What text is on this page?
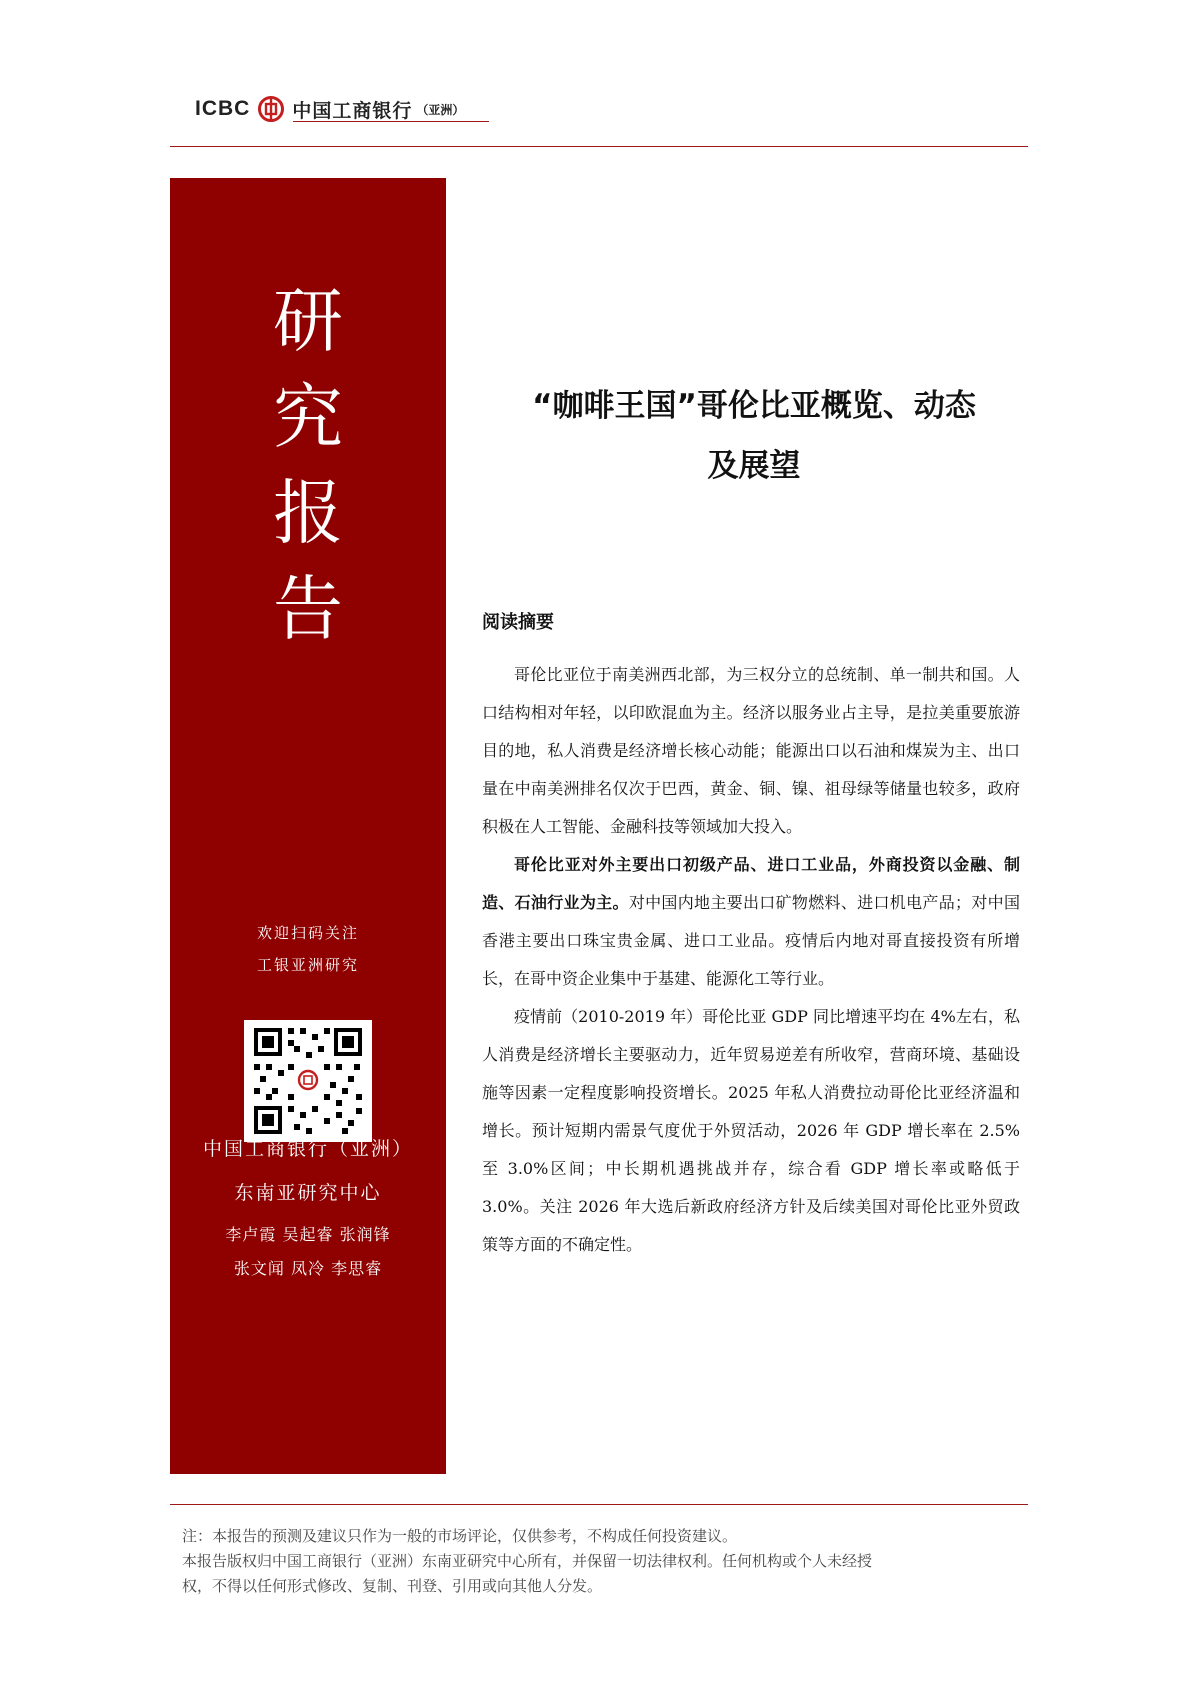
ICBC 中国工商银行 （亚洲）
研
究
报
告
欢迎扫码关注
工银亚洲研究
中国工商银行（亚洲）
东南亚研究中心
李卢霞 吴起睿 张润锋
张文闻 凤冷 李思睿
“咖啡王国”哥伦比亚概览、动态
及展望
阅读摘要

哥伦比亚位于南美洲西北部，为三权分立的总统制、单一制共和国。人口结构相对年轻，以印欧混血为主。经济以服务业占主导，是拉美重要旅游目的地，私人消费是经济增长核心动能；能源出口以石油和煤炭为主、出口量在中南美洲排名仅次于巴西，黄金、铜、镍、祖母绿等储量也较多，政府积极在人工智能、金融科技等领域加大投入。

哥伦比亚对外主要出口初级产品、进口工业品，外商投资以金融、制造、石油行业为主。对中国内地主要出口矿物燃料、进口机电产品；对中国香港主要出口珠宝贵金属、进口工业品。疫情后内地对哥直接投资有所增长，在哥中资企业集中于基建、能源化工等行业。

疫情前（2010-2019 年）哥伦比亚 GDP 同比增速平均在 4%左右，私人消费是经济增长主要驱动力，近年贸易逆差有所收窄，营商环境、基础设施等因素一定程度影响投资增长。2025 年私人消费拉动哥伦比亚经济温和增长。预计短期内需景气度优于外贸活动，2026 年 GDP 增长率在 2.5%至 3.0%区间；中长期机遇挑战并存，综合看 GDP 增长率或略低于 3.0%。关注 2026 年大选后新政府经济方针及后续美国对哥伦比亚外贸政策等方面的不确定性。

注：本报告的预测及建议只作为一般的市场评论，仅供参考，不构成任何投资建议。
本报告版权归中国工商银行（亚洲）东南亚研究中心所有，并保留一切法律权利。任何机构或个人未经授
权，不得以任何形式修改、复制、刊登、引用或向其他人分发。
